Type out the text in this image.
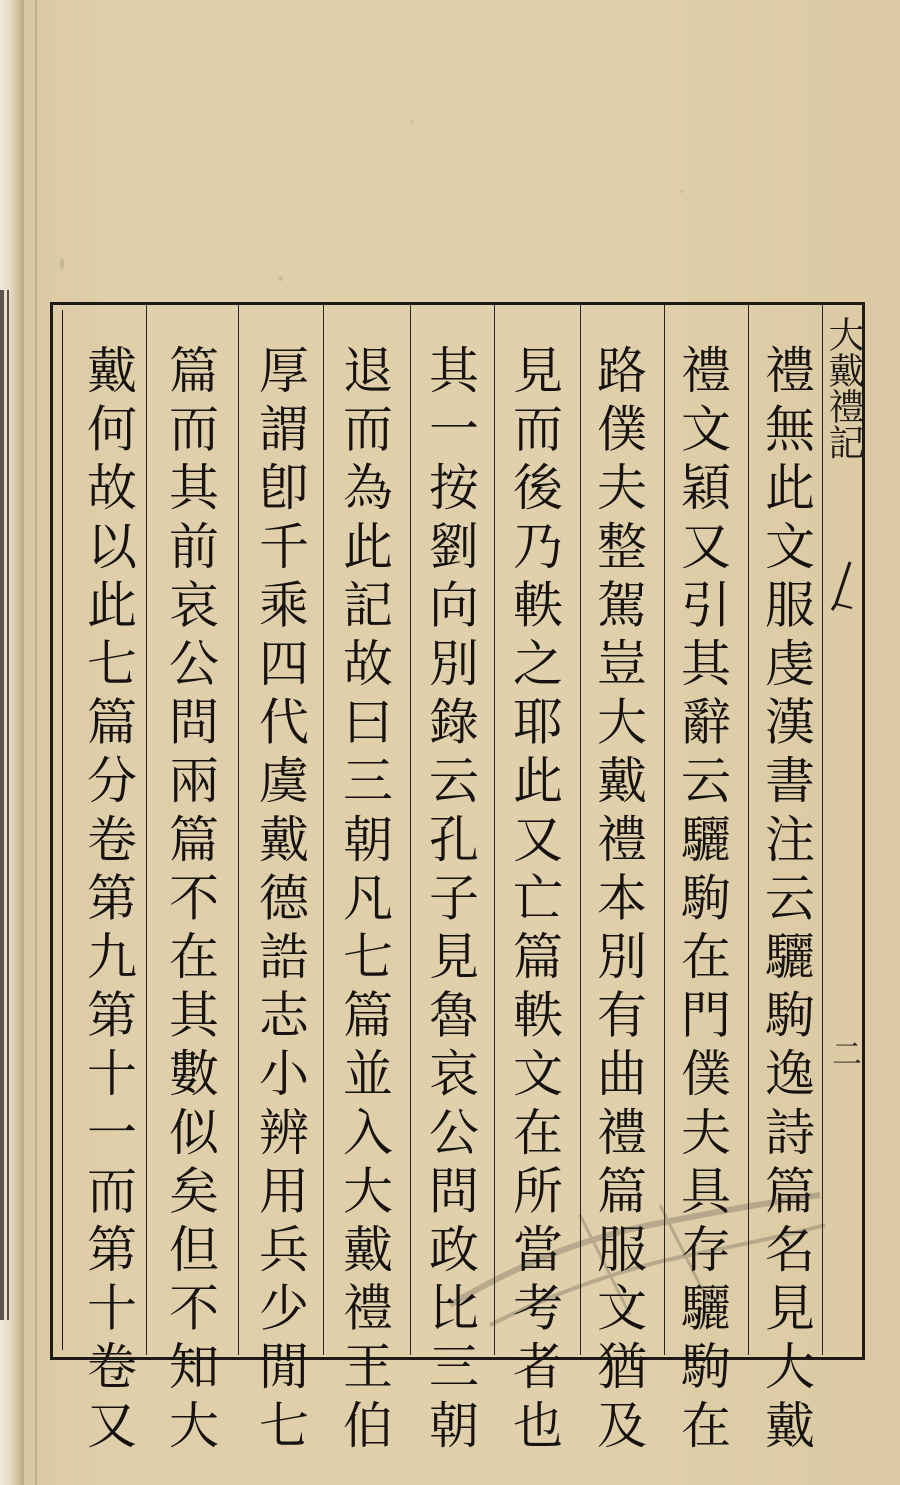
大戴禮記
二
禮無此文服虔漢書注云驪駒逸詩篇名見大戴
禮文穎又引其辭云驪駒在門僕夫具存驪駒在
路僕夫整駕豈大戴禮本別有曲禮篇服文猶及
見而後乃軼之耶此又亡篇軼文在所當考者也
其一按劉向別錄云孔子見魯哀公問政比三朝
退而為此記故曰三朝凡七篇並入大戴禮王伯
厚謂卽千乘四代虞戴德誥志小辨用兵少閒七
篇而其前哀公問兩篇不在其數似矣但不知大
戴何故以此七篇分卷第九第十一而第十卷又
